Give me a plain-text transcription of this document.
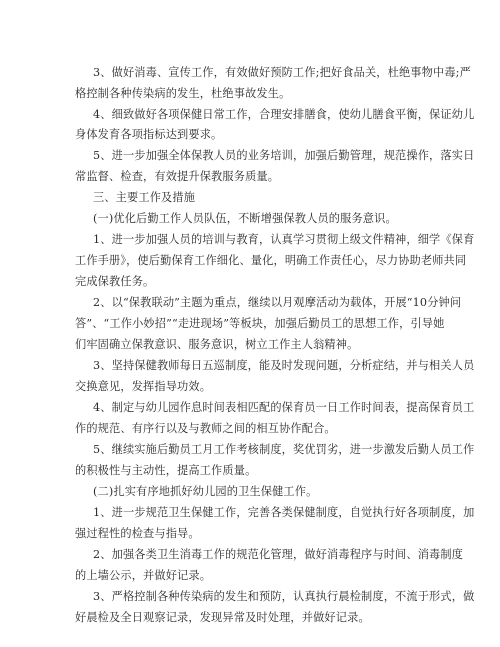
3、做好消毒、宣传工作，有效做好预防工作;把好食品关，杜绝事物中毒;严
格控制各种传染病的发生，杜绝事故发生。
4、细致做好各项保健日常工作，合理安排膳食，使幼儿膳食平衡，保证幼儿
身体发育各项指标达到要求。
5、进一步加强全体保教人员的业务培训，加强后勤管理，规范操作，落实日
常监督、检查，有效提升保教服务质量。
三、主要工作及措施
(一)优化后勤工作人员队伍，不断增强保教人员的服务意识。
1、进一步加强人员的培训与教育，认真学习贯彻上级文件精神，细学《保育
工作手册》，使后勤保育工作细化、量化，明确工作责任心，尽力协助老师共同
完成保教任务。
2、以“保教联动”主题为重点，继续以月观摩活动为载体，开展“10分钟问
答”、“工作小妙招”“走进现场”等板块，加强后勤员工的思想工作，引导她
们牢固确立保教意识、服务意识，树立工作主人翁精神。
3、坚持保健教师每日五巡制度，能及时发现问题，分析症结，并与相关人员
交换意见，发挥指导功效。
4、制定与幼儿园作息时间表相匹配的保育员一日工作时间表，提高保育员工
作的规范、有序行以及与教师之间的相互协作配合。
5、继续实施后勤员工月工作考核制度，奖优罚劣，进一步激发后勤人员工作
的积极性与主动性，提高工作质量。
(二)扎实有序地抓好幼儿园的卫生保健工作。
1、进一步规范卫生保健工作，完善各类保健制度，自觉执行好各项制度，加
强过程性的检查与指导。
2、加强各类卫生消毒工作的规范化管理，做好消毒程序与时间、消毒制度
的上墙公示，并做好记录。
3、严格控制各种传染病的发生和预防，认真执行晨检制度，不流于形式，做
好晨检及全日观察记录，发现异常及时处理，并做好记录。
